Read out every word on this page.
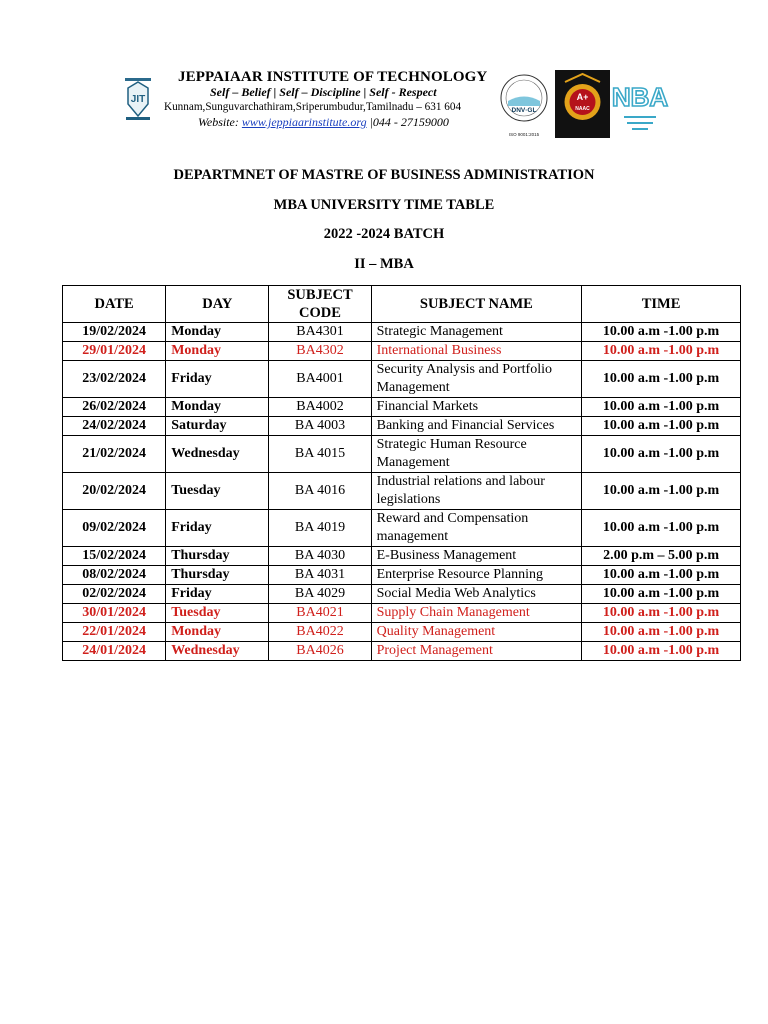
JIT
JEPPAIAAR INSTITUTE OF TECHNOLOGY
Self – Belief | Self – Discipline | Self - Respect
Kunnam,Sunguvarchathiram,Sriperumbudur,Tamilnadu – 631 604
Website: www.jeppiaarinstitute.org |044 - 27159000
DNV·GL
ISO 9001:2015
A+
NAAC NBA
DEPARTMNET OF MASTRE OF BUSINESS ADMINISTRATION
MBA UNIVERSITY TIME TABLE
2022 -2024 BATCH
II – MBA
DATE	DAY	SUBJECT CODE	SUBJECT NAME	TIME
19/02/2024	Monday	BA4301	Strategic Management	10.00 a.m -1.00 p.m
29/01/2024	Monday	BA4302	International Business	10.00 a.m -1.00 p.m
23/02/2024	Friday	BA4001	Security Analysis and Portfolio Management	10.00 a.m -1.00 p.m
26/02/2024	Monday	BA4002	Financial Markets	10.00 a.m -1.00 p.m
24/02/2024	Saturday	BA 4003	Banking and Financial Services	10.00 a.m -1.00 p.m
21/02/2024	Wednesday	BA 4015	Strategic Human Resource Management	10.00 a.m -1.00 p.m
20/02/2024	Tuesday	BA 4016	Industrial relations and labour legislations	10.00 a.m -1.00 p.m
09/02/2024	Friday	BA 4019	Reward and Compensation management	10.00 a.m -1.00 p.m
15/02/2024	Thursday	BA 4030	E-Business Management	2.00 p.m – 5.00 p.m
08/02/2024	Thursday	BA 4031	Enterprise Resource Planning	10.00 a.m -1.00 p.m
02/02/2024	Friday	BA 4029	Social Media Web Analytics	10.00 a.m -1.00 p.m
30/01/2024	Tuesday	BA4021	Supply Chain Management	10.00 a.m -1.00 p.m
22/01/2024	Monday	BA4022	Quality Management	10.00 a.m -1.00 p.m
24/01/2024	Wednesday	BA4026	Project Management	10.00 a.m -1.00 p.m
